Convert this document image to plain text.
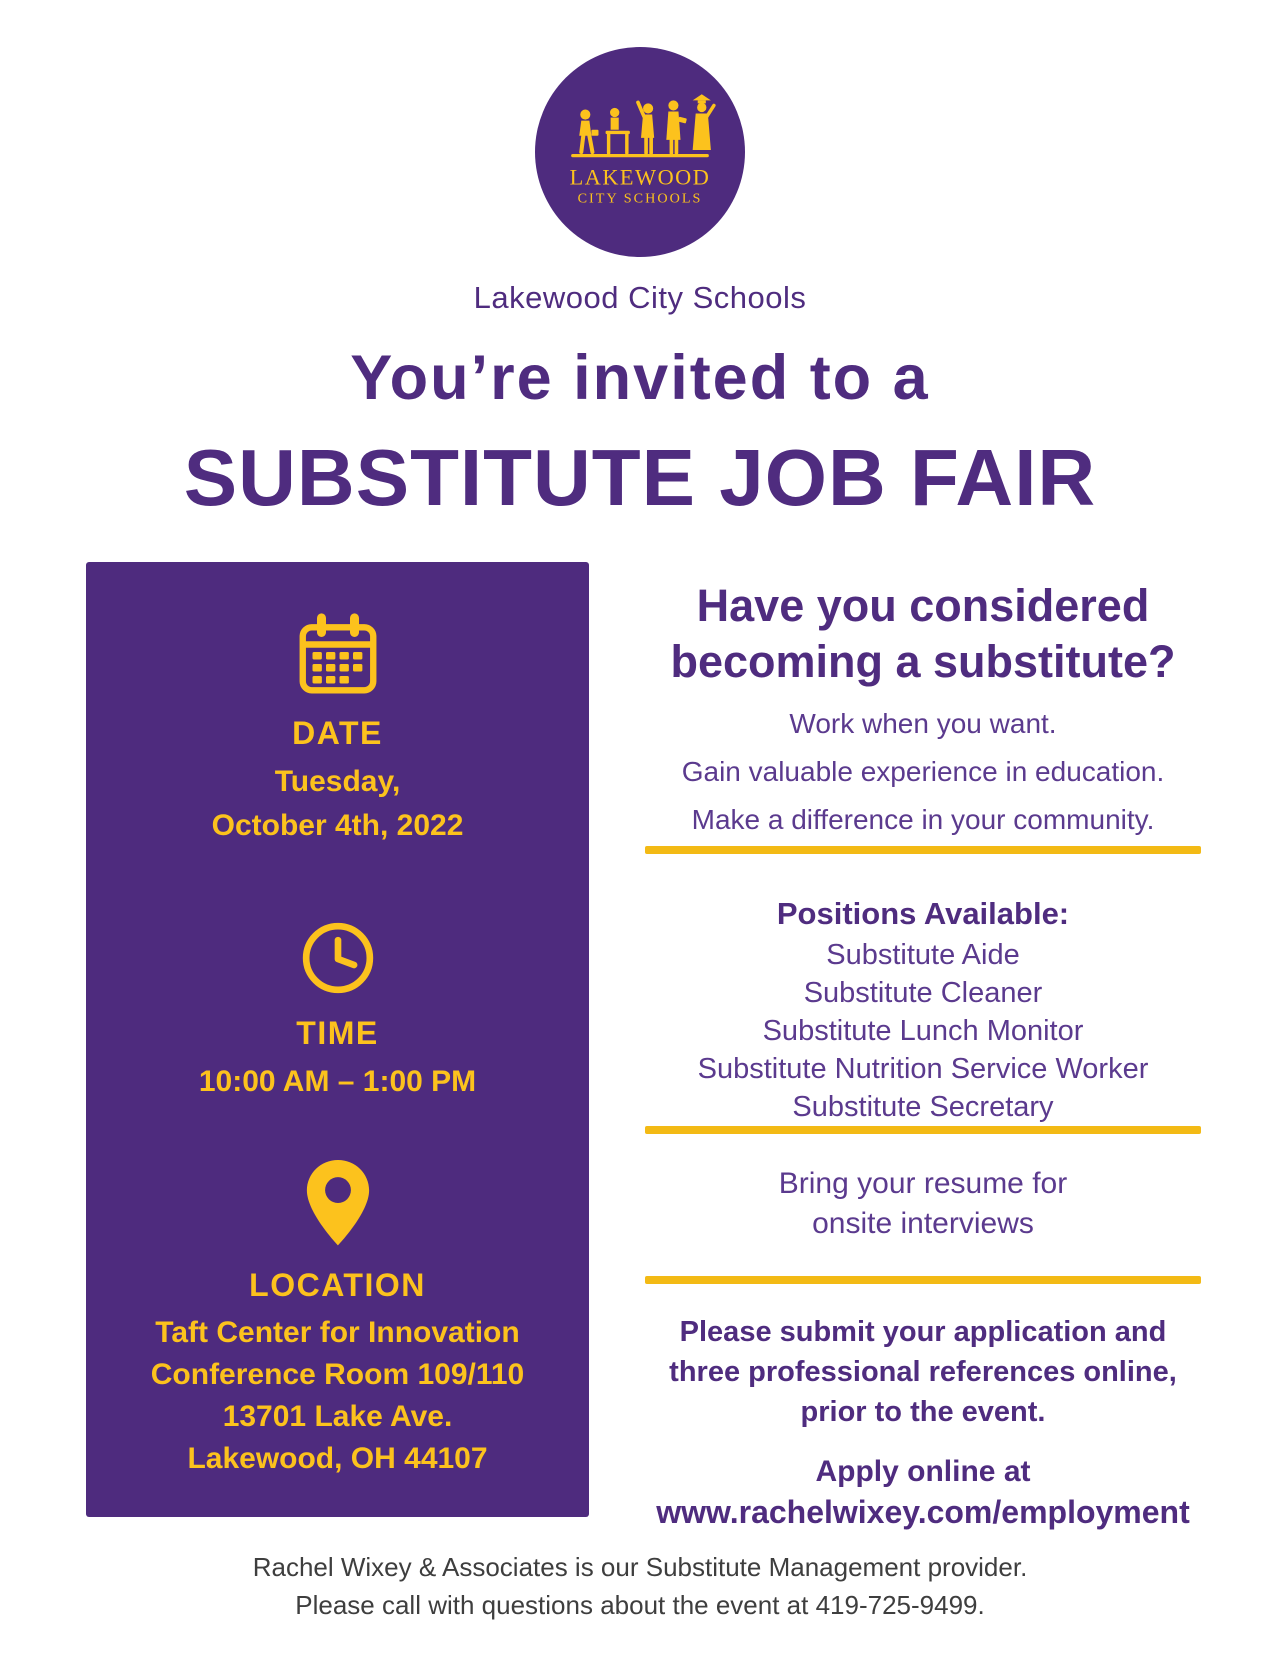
LAKEWOOD
CITY SCHOOLS
Lakewood City Schools
You’re invited to a
SUBSTITUTE JOB FAIR
DATE
Tuesday,
October 4th, 2022
TIME
10:00 AM – 1:00 PM
LOCATION
Taft Center for Innovation
Conference Room 109/110
13701 Lake Ave.
Lakewood, OH 44107
Have you considered
becoming a substitute?
Work when you want.
Gain valuable experience in education.
Make a difference in your community.
Positions Available:
Substitute Aide
Substitute Cleaner
Substitute Lunch Monitor
Substitute Nutrition Service Worker
Substitute Secretary
Bring your resume for
onsite interviews
Please submit your application and
three professional references online,
prior to the event.
Apply online at
www.rachelwixey.com/employment
Rachel Wixey & Associates is our Substitute Management provider.
Please call with questions about the event at 419-725-9499.
